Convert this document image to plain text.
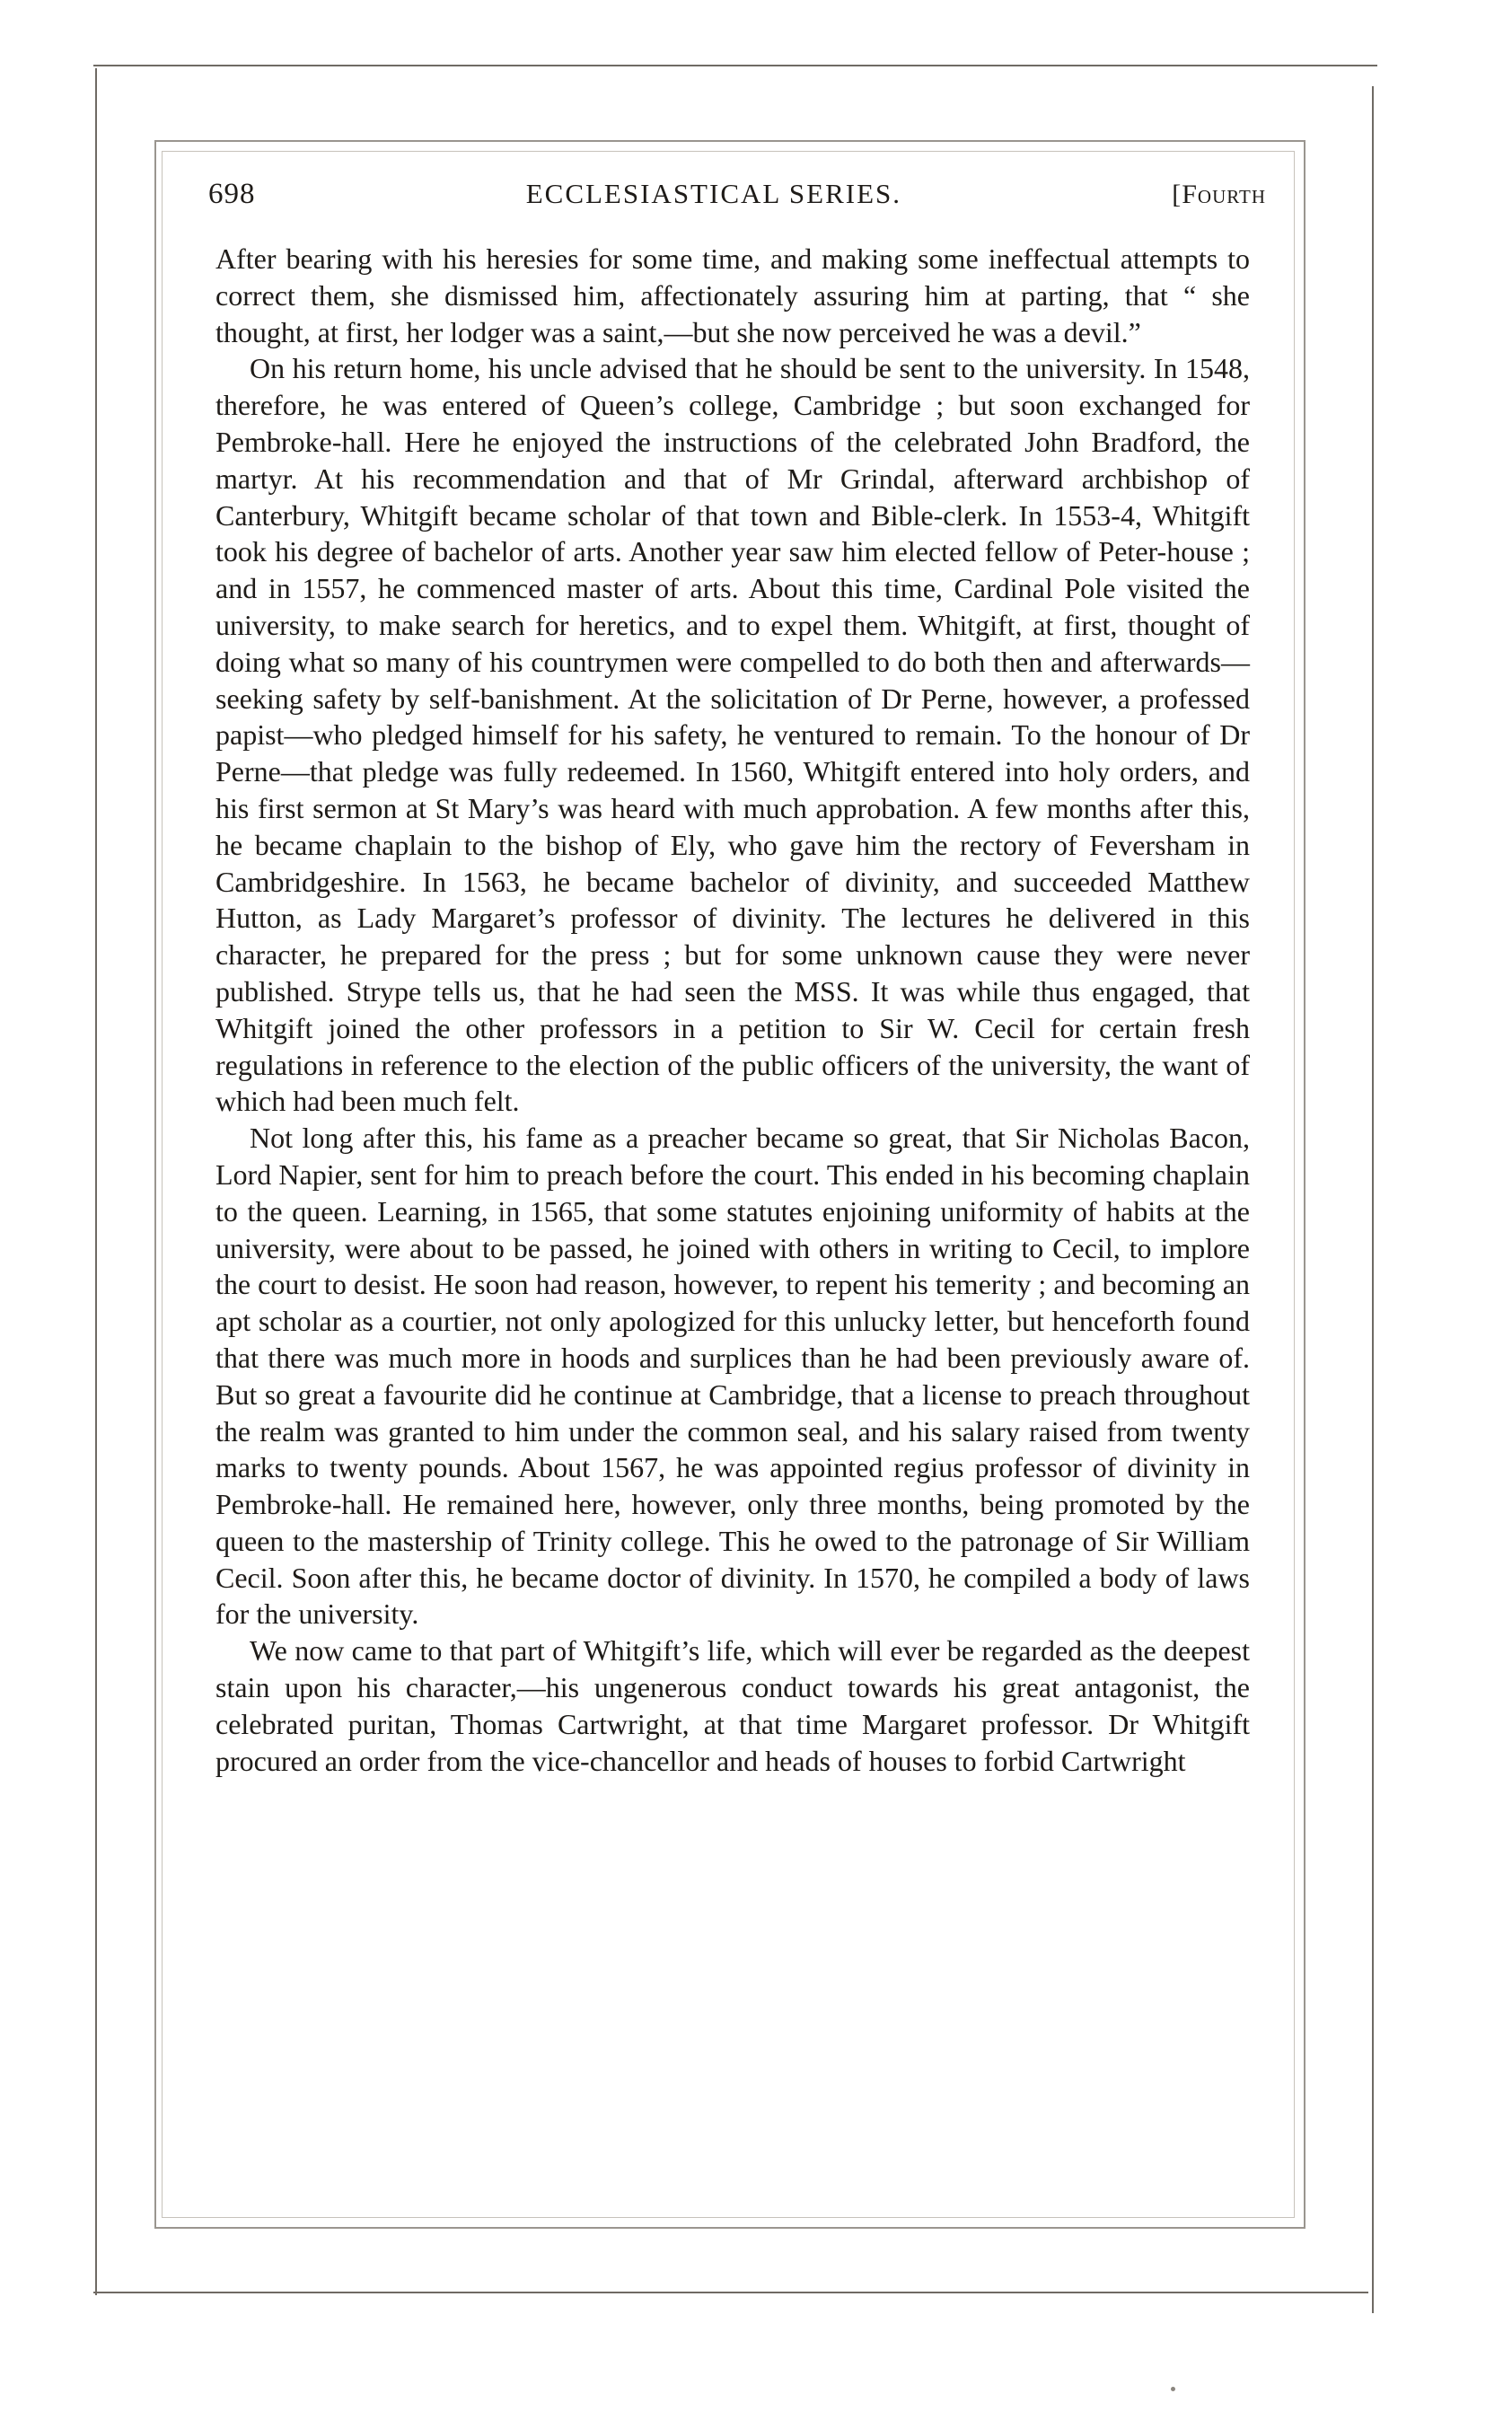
698	ECCLESIASTICAL SERIES.	[Fourth

After bearing with his heresies for some time, and making some ineffectual attempts to correct them, she dismissed him, affectionately assuring him at parting, that “ she thought, at first, her lodger was a saint,—but she now perceived he was a devil.”

On his return home, his uncle advised that he should be sent to the university. In 1548, therefore, he was entered of Queen’s college, Cambridge ; but soon exchanged for Pembroke-hall. Here he enjoyed the instructions of the celebrated John Bradford, the martyr. At his recommendation and that of Mr Grindal, afterward archbishop of Canterbury, Whitgift became scholar of that town and Bible-clerk. In 1553-4, Whitgift took his degree of bachelor of arts. Another year saw him elected fellow of Peter-house ; and in 1557, he commenced master of arts. About this time, Cardinal Pole visited the university, to make search for heretics, and to expel them. Whitgift, at first, thought of doing what so many of his countrymen were compelled to do both then and afterwards—seeking safety by self-banishment. At the solicitation of Dr Perne, however, a professed papist—who pledged himself for his safety, he ventured to remain. To the honour of Dr Perne—that pledge was fully redeemed. In 1560, Whitgift entered into holy orders, and his first sermon at St Mary’s was heard with much approbation. A few months after this, he became chaplain to the bishop of Ely, who gave him the rectory of Feversham in Cambridgeshire. In 1563, he became bachelor of divinity, and succeeded Matthew Hutton, as Lady Margaret’s professor of divinity. The lectures he delivered in this character, he prepared for the press ; but for some unknown cause they were never published. Strype tells us, that he had seen the MSS. It was while thus engaged, that Whitgift joined the other professors in a petition to Sir W. Cecil for certain fresh regulations in reference to the election of the public officers of the university, the want of which had been much felt.

Not long after this, his fame as a preacher became so great, that Sir Nicholas Bacon, Lord Napier, sent for him to preach before the court. This ended in his becoming chaplain to the queen. Learning, in 1565, that some statutes enjoining uniformity of habits at the university, were about to be passed, he joined with others in writing to Cecil, to implore the court to desist. He soon had reason, however, to repent his temerity ; and becoming an apt scholar as a courtier, not only apologized for this unlucky letter, but henceforth found that there was much more in hoods and surplices than he had been previously aware of. But so great a favourite did he continue at Cambridge, that a license to preach throughout the realm was granted to him under the common seal, and his salary raised from twenty marks to twenty pounds. About 1567, he was appointed regius professor of divinity in Pembroke-hall. He remained here, however, only three months, being promoted by the queen to the mastership of Trinity college. This he owed to the patronage of Sir William Cecil. Soon after this, he became doctor of divinity. In 1570, he compiled a body of laws for the university.

We now came to that part of Whitgift’s life, which will ever be regarded as the deepest stain upon his character,—his ungenerous conduct towards his great antagonist, the celebrated puritan, Thomas Cartwright, at that time Margaret professor. Dr Whitgift procured an order from the vice-chancellor and heads of houses to forbid Cartwright
